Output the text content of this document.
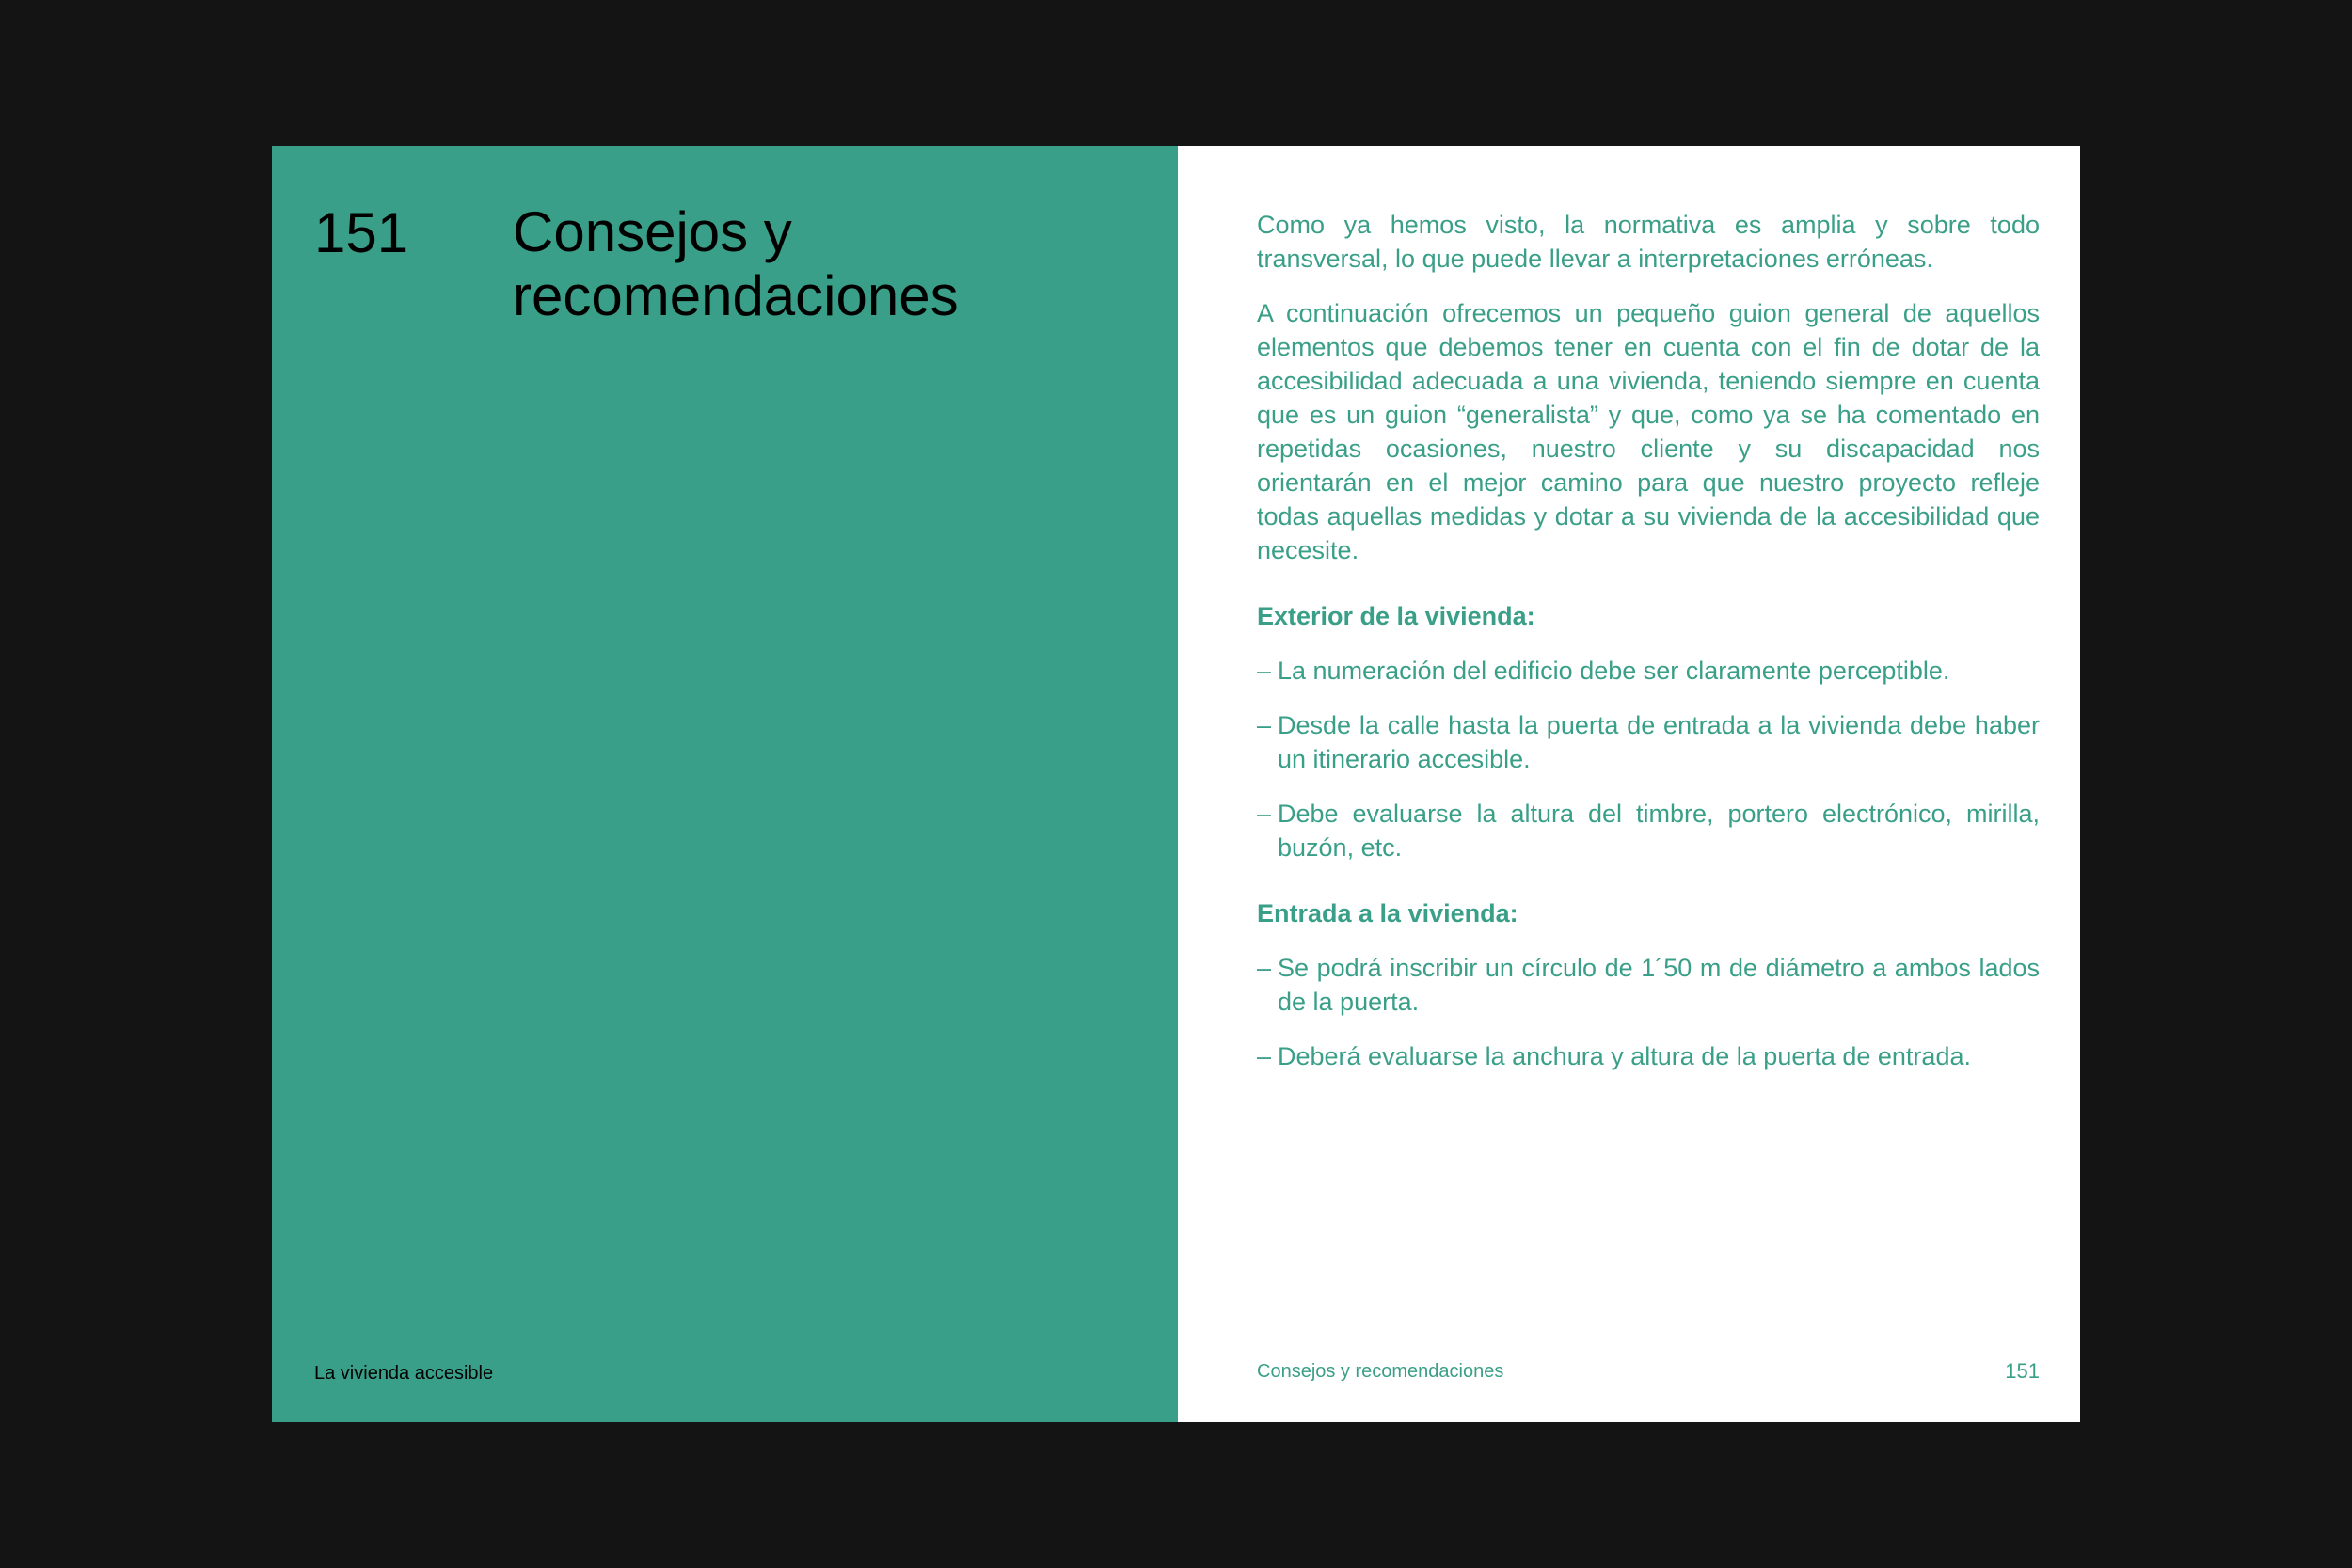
151 Consejos y recomendaciones
La vivienda accesible

Como ya hemos visto, la normativa es amplia y sobre todo transversal, lo que puede llevar a interpretaciones erróneas.

A continuación ofrecemos un pequeño guion general de aquellos elementos que debemos tener en cuenta con el fin de dotar de la accesibilidad adecuada a una vivienda, teniendo siempre en cuenta que es un guion “generalista” y que, como ya se ha comentado en repetidas ocasiones, nuestro cliente y su discapacidad nos orientarán en el mejor camino para que nuestro proyecto refleje todas aquellas medidas y dotar a su vivienda de la accesibilidad que necesite.

Exterior de la vivienda:
– La numeración del edificio debe ser claramente perceptible.
– Desde la calle hasta la puerta de entrada a la vivienda debe haber un itinerario accesible.
– Debe evaluarse la altura del timbre, portero electrónico, mirilla, buzón, etc.
Entrada a la vivienda:
– Se podrá inscribir un círculo de 1´50 m de diámetro a ambos lados de la puerta.
– Deberá evaluarse la anchura y altura de la puerta de entrada.
Consejos y recomendaciones	151
